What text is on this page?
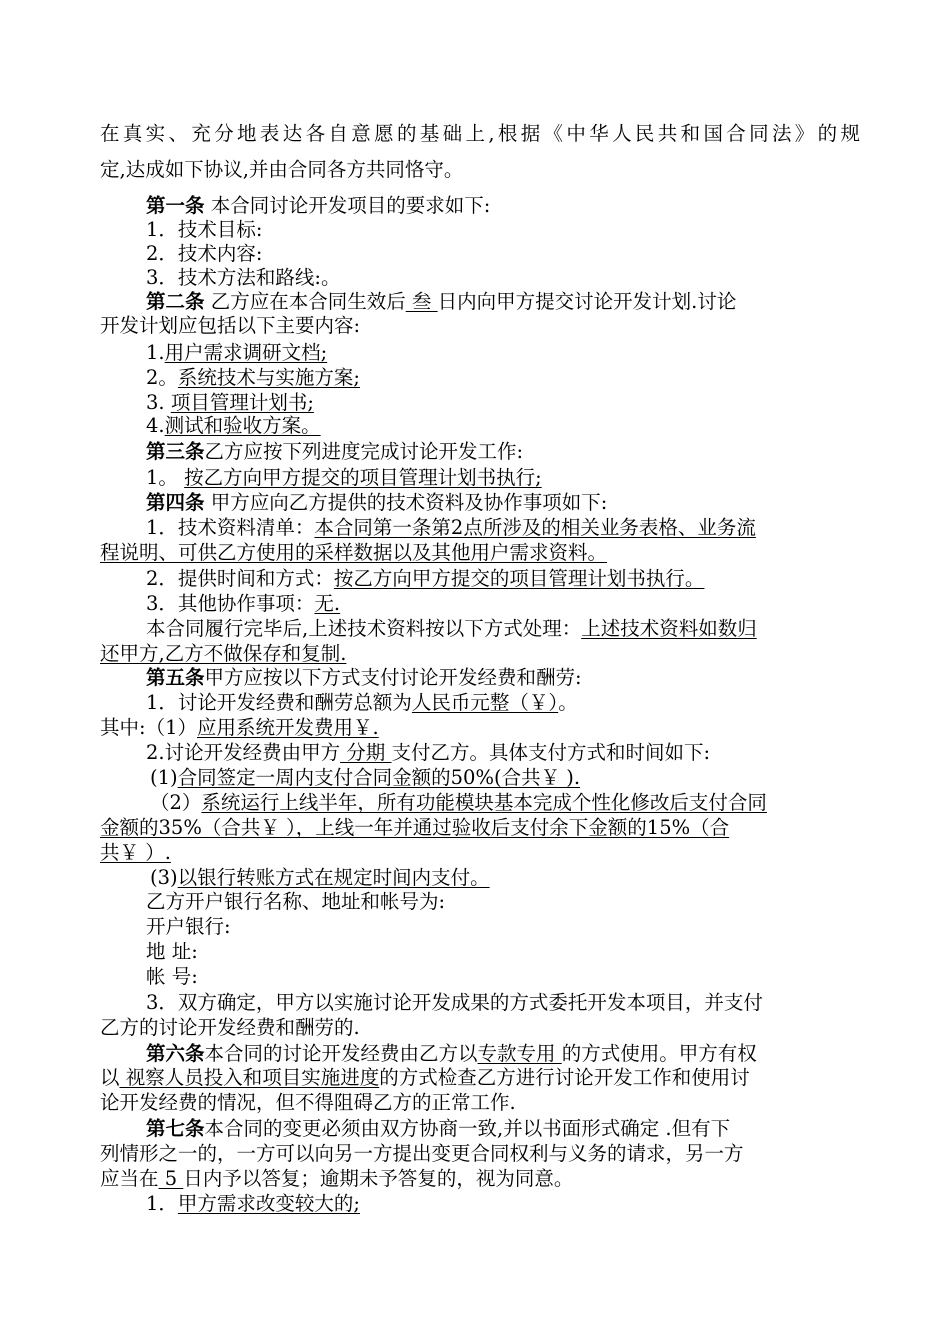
在真实、充分地表达各自意愿的基础上,根据《中华人民共和国合同法》的规
定,达成如下协议,并由合同各方共同恪守。
第一条 本合同讨论开发项目的要求如下:
1．技术目标:
2．技术内容:
3．技术方法和路线:。
第二条 乙方应在本合同生效后 叁 日内向甲方提交讨论开发计划.讨论
开发计划应包括以下主要内容:
1.用户需求调研文档;
2。系统技术与实施方案;
3. 项目管理计划书;
4.测试和验收方案。
第三条乙方应按下列进度完成讨论开发工作:
1。 按乙方向甲方提交的项目管理计划书执行;
第四条 甲方应向乙方提供的技术资料及协作事项如下:
1．技术资料清单：本合同第一条第2点所涉及的相关业务表格、业务流
程说明、可供乙方使用的采样数据以及其他用户需求资料。
2．提供时间和方式：按乙方向甲方提交的项目管理计划书执行。
3．其他协作事项：无.
本合同履行完毕后,上述技术资料按以下方式处理：上述技术资料如数归
还甲方,乙方不做保存和复制.
第五条甲方应按以下方式支付讨论开发经费和酬劳:
1．讨论开发经费和酬劳总额为人民币元整（￥）。
其中:（1）应用系统开发费用￥.
2.讨论开发经费由甲方 分期 支付乙方。具体支付方式和时间如下:
(1)合同签定一周内支付合同金额的50%(合共￥ ).
（2）系统运行上线半年，所有功能模块基本完成个性化修改后支付合同
金额的35%（合共￥ ），上线一年并通过验收后支付余下金额的15%（合
共￥ ）.
(3)以银行转账方式在规定时间内支付。
乙方开户银行名称、地址和帐号为:
开户银行:
地 址:
帐 号:
3．双方确定，甲方以实施讨论开发成果的方式委托开发本项目，并支付
乙方的讨论开发经费和酬劳的.
第六条本合同的讨论开发经费由乙方以专款专用 的方式使用。甲方有权
以 视察人员投入和项目实施进度的方式检查乙方进行讨论开发工作和使用讨
论开发经费的情况，但不得阻碍乙方的正常工作.
第七条本合同的变更必须由双方协商一致,并以书面形式确定 .但有下
列情形之一的，一方可以向另一方提出变更合同权利与义务的请求，另一方
应当在 5 日内予以答复；逾期未予答复的，视为同意。
1．甲方需求改变较大的;
